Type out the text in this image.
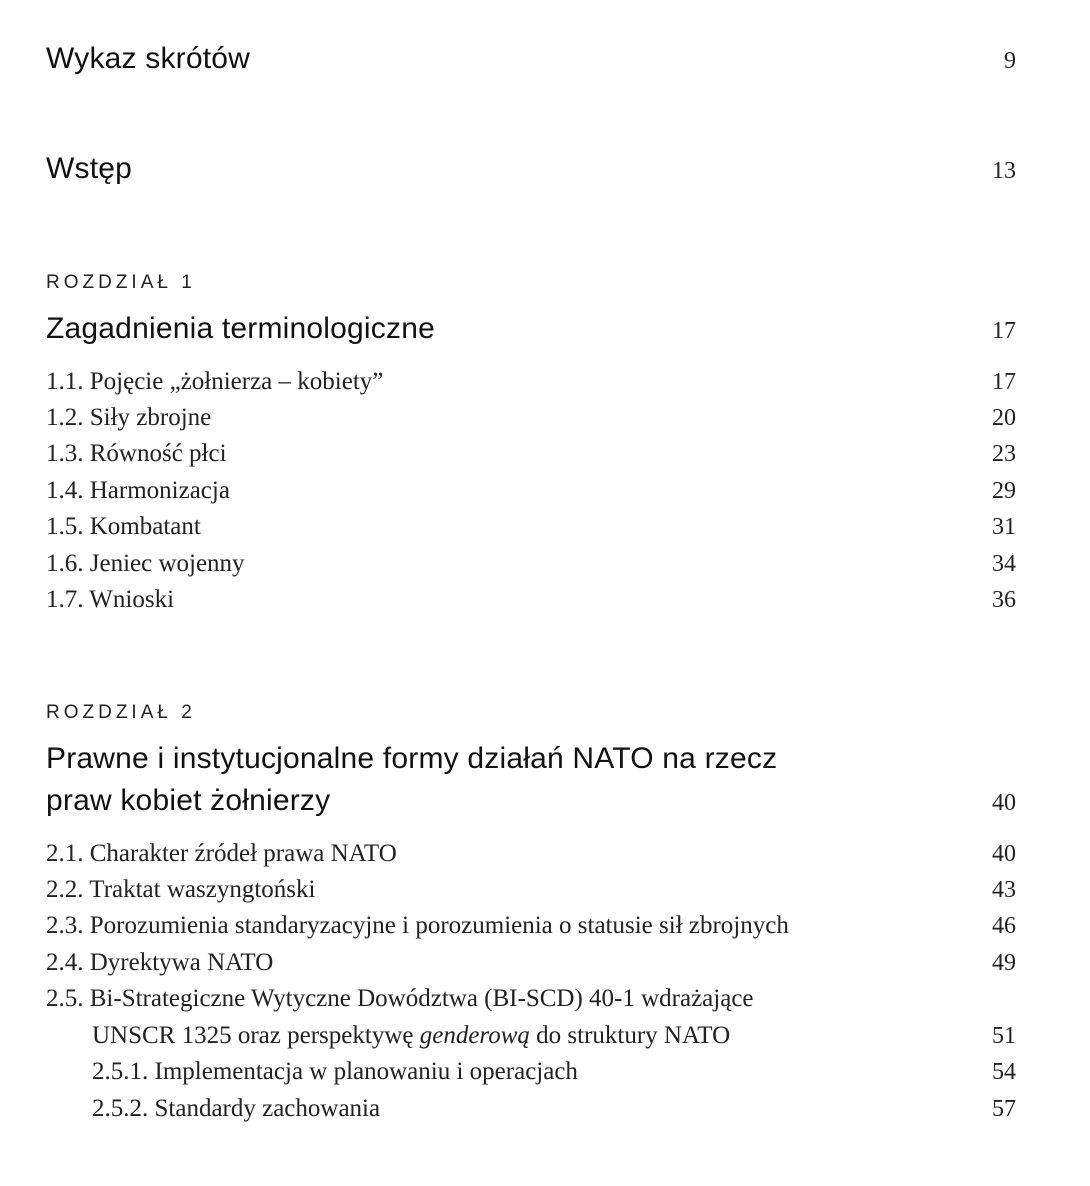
Wykaz skrótów	9
Wstęp	13
ROZDZIAŁ 1
Zagadnienia terminologiczne	17
1.1. Pojęcie „żołnierza – kobiety”	17
1.2. Siły zbrojne	20
1.3. Równość płci	23
1.4. Harmonizacja	29
1.5. Kombatant	31
1.6. Jeniec wojenny	34
1.7. Wnioski	36
ROZDZIAŁ 2
Prawne i instytucjonalne formy działań NATO na rzecz
praw kobiet żołnierzy	40
2.1. Charakter źródeł prawa NATO	40
2.2. Traktat waszyngtoński	43
2.3. Porozumienia standaryzacyjne i porozumienia o statusie sił zbrojnych	46
2.4. Dyrektywa NATO	49
2.5. Bi-Strategiczne Wytyczne Dowództwa (BI-SCD) 40-1 wdrażające
UNSCR 1325 oraz perspektywę genderową do struktury NATO	51
2.5.1. Implementacja w planowaniu i operacjach	54
2.5.2. Standardy zachowania	57
